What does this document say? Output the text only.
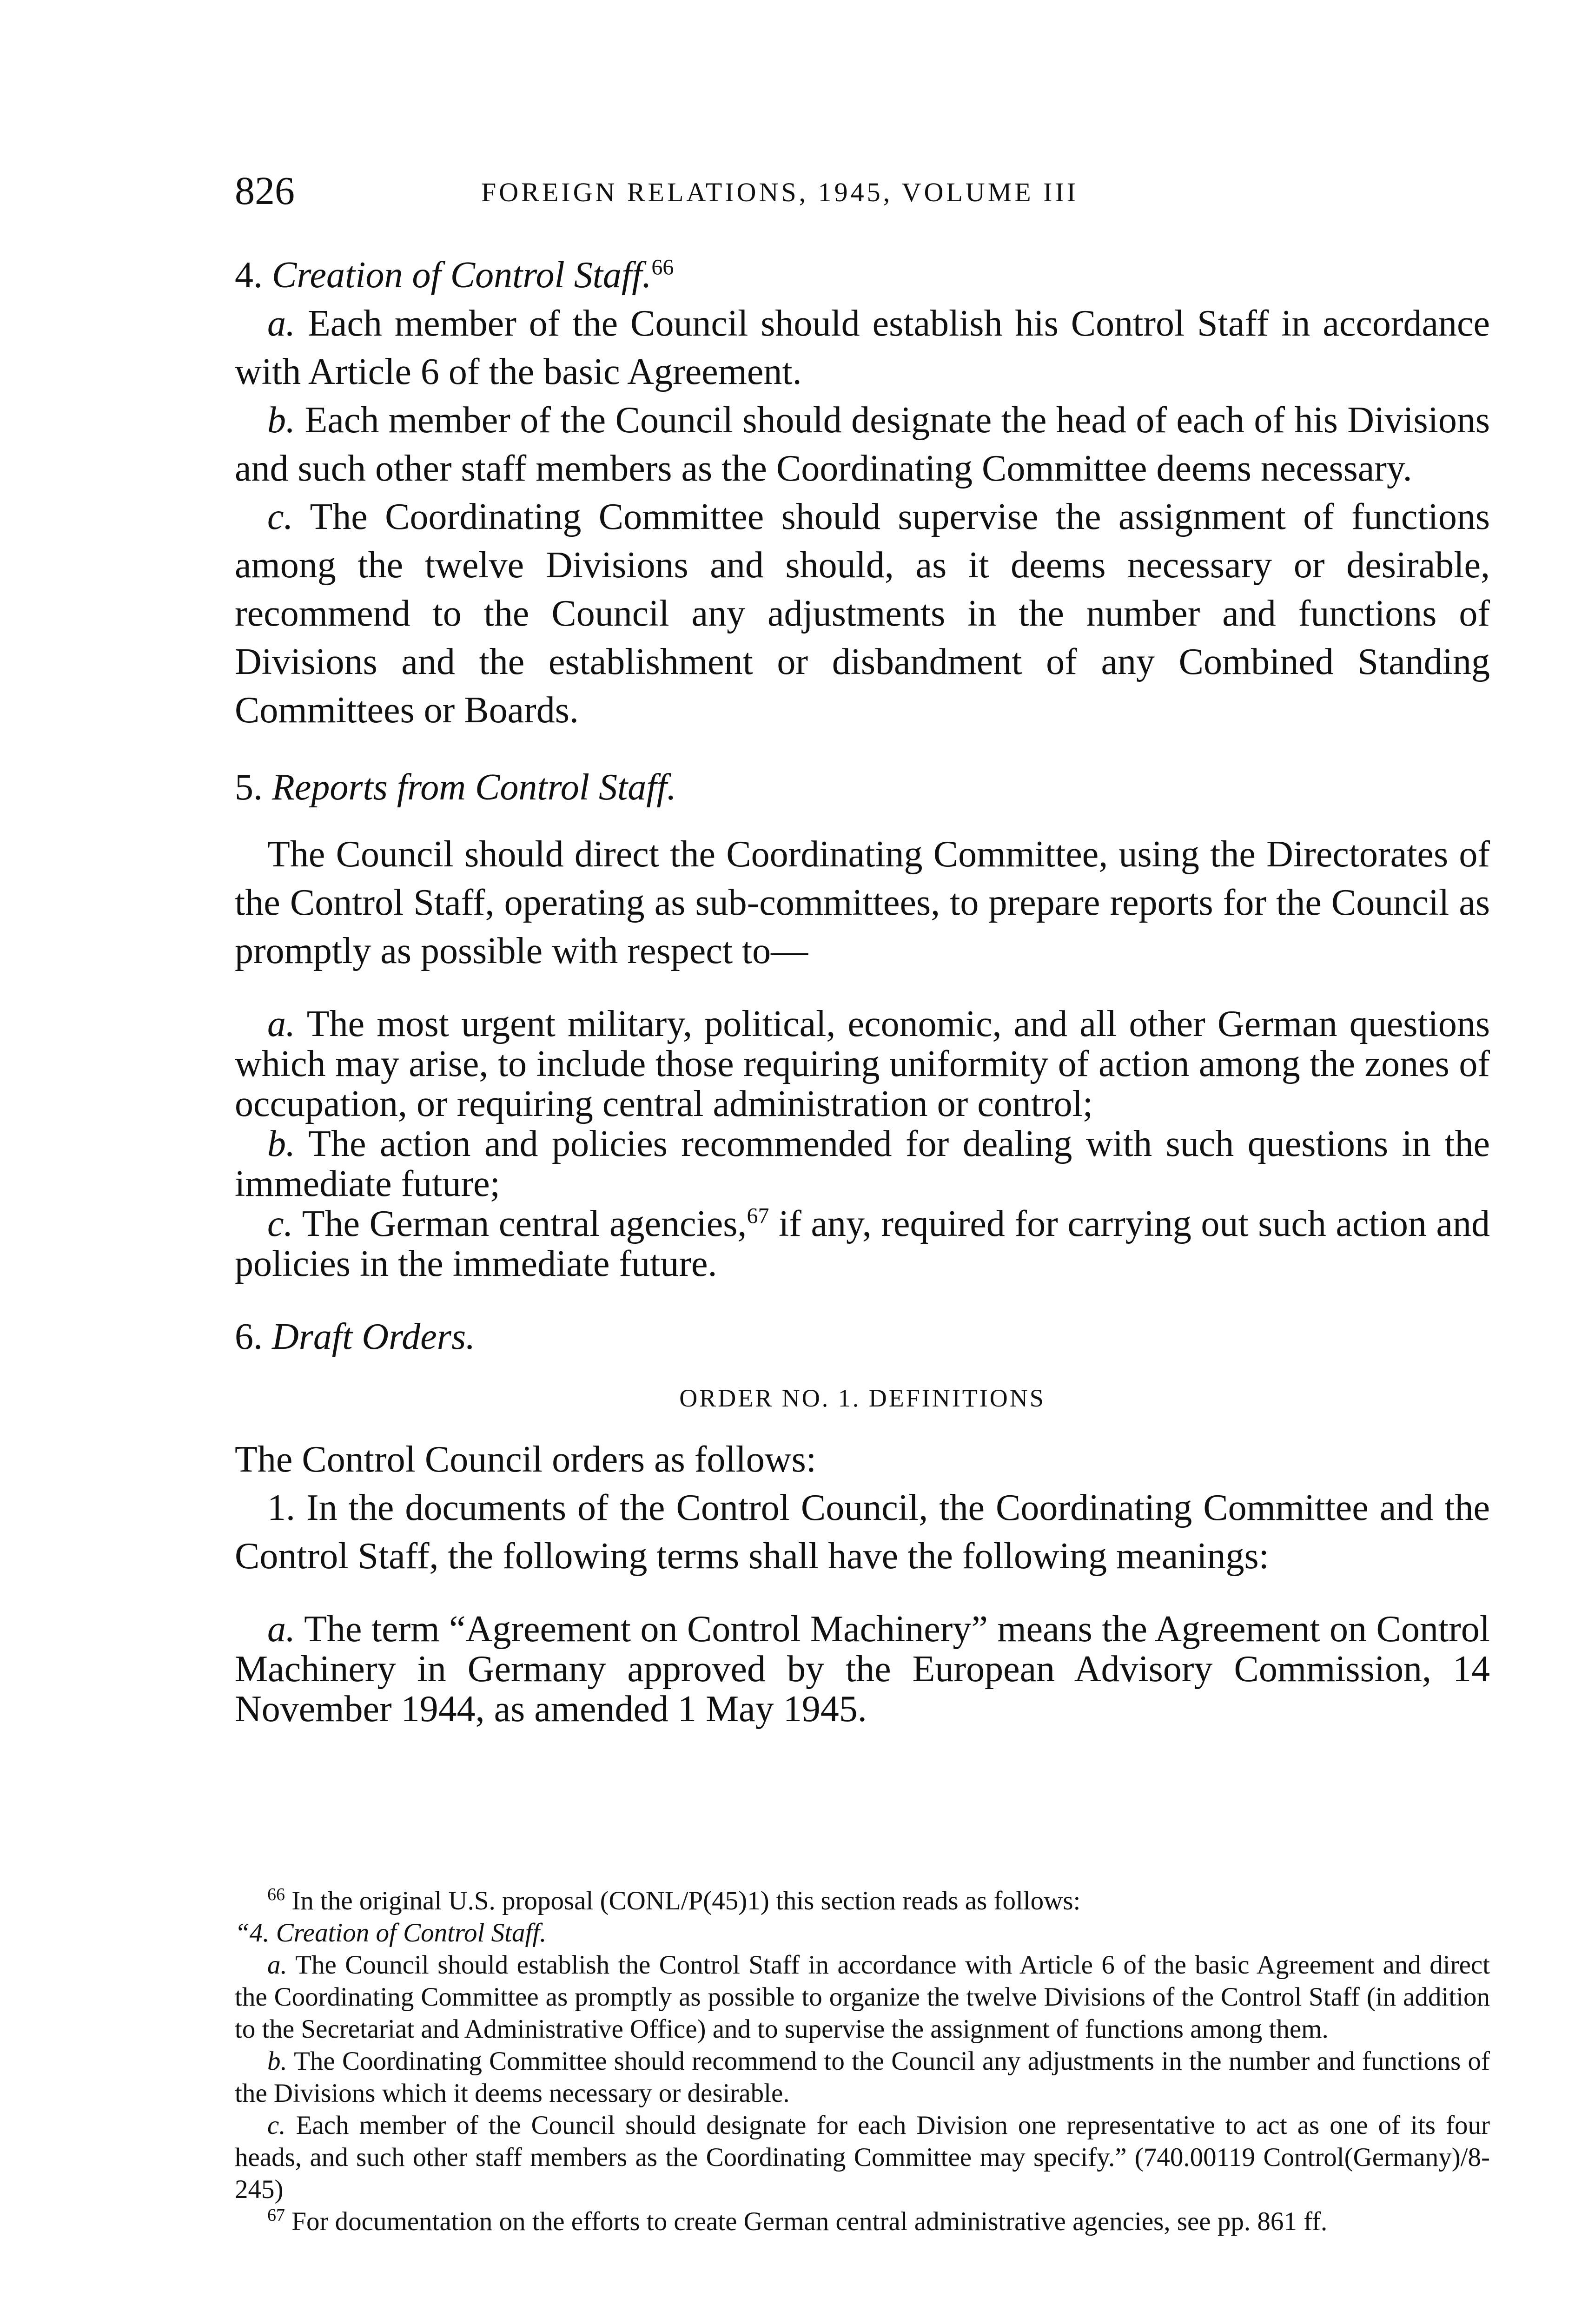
826	FOREIGN RELATIONS, 1945, VOLUME III

4. Creation of Control Staff.$^{66}$

a. Each member of the Council should establish his Control Staff in accordance with Article 6 of the basic Agreement.

b. Each member of the Council should designate the head of each of his Divisions and such other staff members as the Coordinating Committee deems necessary.

c. The Coordinating Committee should supervise the assignment of functions among the twelve Divisions and should, as it deems necessary or desirable, recommend to the Council any adjustments in the number and functions of Divisions and the establishment or disbandment of any Combined Standing Committees or Boards.

5. Reports from Control Staff.

The Council should direct the Coordinating Committee, using the Directorates of the Control Staff, operating as sub-committees, to prepare reports for the Council as promptly as possible with respect to—

a. The most urgent military, political, economic, and all other German questions which may arise, to include those requiring uniformity of action among the zones of occupation, or requiring central administration or control;

b. The action and policies recommended for dealing with such questions in the immediate future;

c. The German central agencies,$^{67}$ if any, required for carrying out such action and policies in the immediate future.

6. Draft Orders.

ORDER NO. 1. DEFINITIONS

The Control Council orders as follows:

1. In the documents of the Control Council, the Coordinating Committee and the Control Staff, the following terms shall have the following meanings:

a. The term “Agreement on Control Machinery” means the Agreement on Control Machinery in Germany approved by the European Advisory Commission, 14 November 1944, as amended 1 May 1945.

$^{66}$ In the original U.S. proposal (CONL/P(45)1) this section reads as follows:

“4. Creation of Control Staff.

a. The Council should establish the Control Staff in accordance with Article 6 of the basic Agreement and direct the Coordinating Committee as promptly as possible to organize the twelve Divisions of the Control Staff (in addition to the Secretariat and Administrative Office) and to supervise the assignment of functions among them.

b. The Coordinating Committee should recommend to the Council any adjustments in the number and functions of the Divisions which it deems necessary or desirable.

c. Each member of the Council should designate for each Division one representative to act as one of its four heads, and such other staff members as the Coordinating Committee may specify.” (740.00119 Control(Germany)/8-245)

$^{67}$ For documentation on the efforts to create German central administrative agencies, see pp. 861 ff.
